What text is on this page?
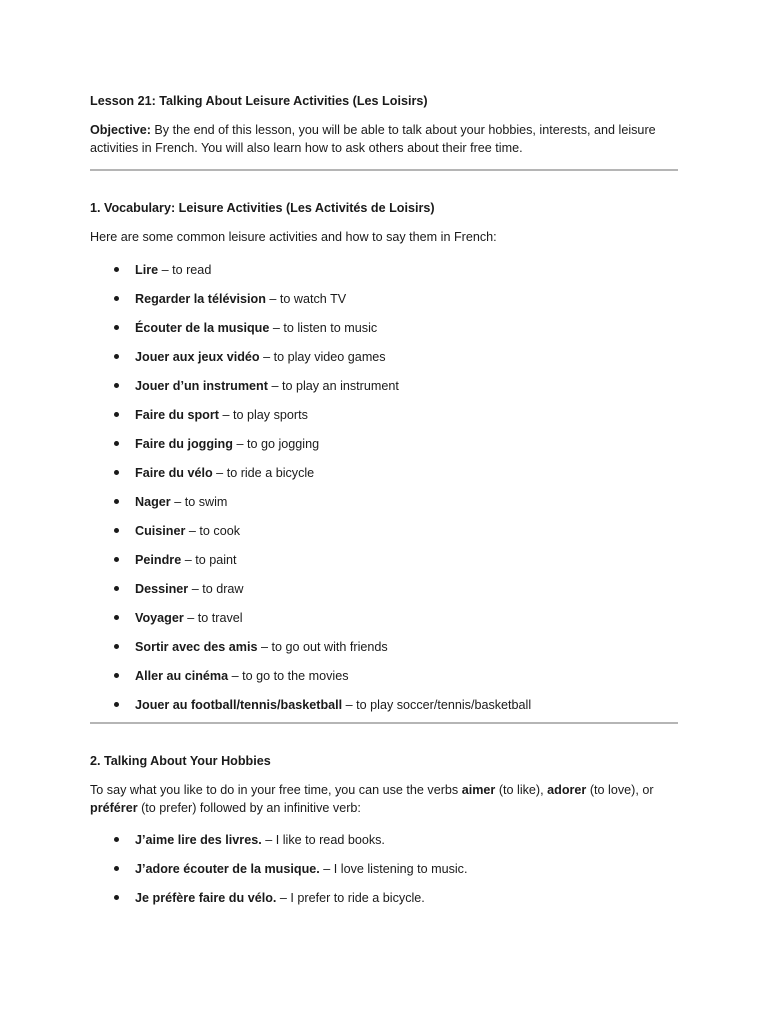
Lesson 21: Talking About Leisure Activities (Les Loisirs)

Objective: By the end of this lesson, you will be able to talk about your hobbies, interests, and leisure activities in French. You will also learn how to ask others about their free time.

1. Vocabulary: Leisure Activities (Les Activités de Loisirs)

Here are some common leisure activities and how to say them in French:

Lire – to read
Regarder la télévision – to watch TV
Écouter de la musique – to listen to music
Jouer aux jeux vidéo – to play video games
Jouer d’un instrument – to play an instrument
Faire du sport – to play sports
Faire du jogging – to go jogging
Faire du vélo – to ride a bicycle
Nager – to swim
Cuisiner – to cook
Peindre – to paint
Dessiner – to draw
Voyager – to travel
Sortir avec des amis – to go out with friends
Aller au cinéma – to go to the movies
Jouer au football/tennis/basketball – to play soccer/tennis/basketball

2. Talking About Your Hobbies

To say what you like to do in your free time, you can use the verbs aimer (to like), adorer (to love), or préférer (to prefer) followed by an infinitive verb:

J’aime lire des livres. – I like to read books.
J’adore écouter de la musique. – I love listening to music.
Je préfère faire du vélo. – I prefer to ride a bicycle.
